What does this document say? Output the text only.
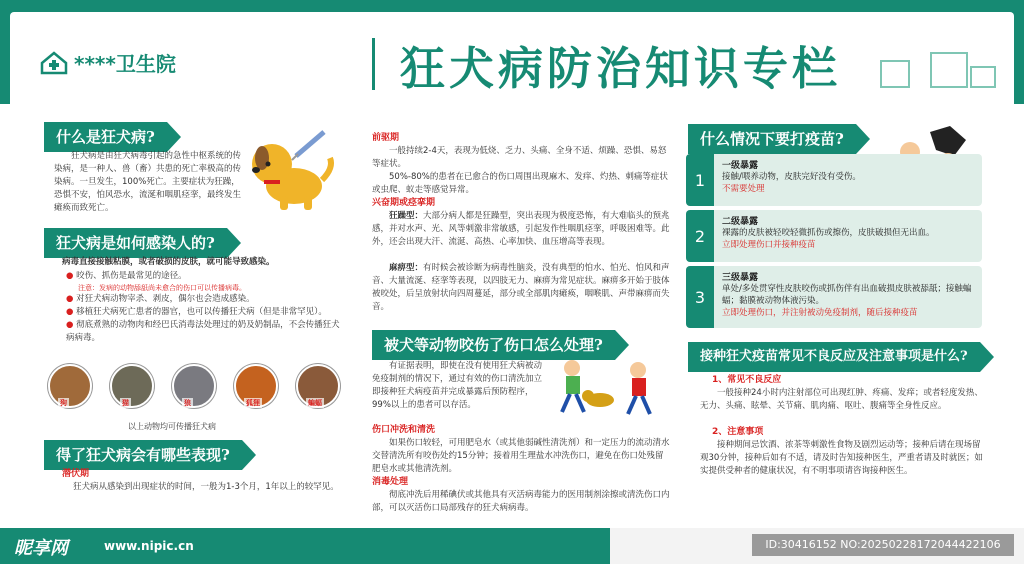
****卫生院	狂犬病防治知识专栏
什么是狂犬病?
狂犬病是由狂犬病毒引起的急性中枢系统的传染病，是一种人、兽（畜）共患的死亡率极高的传染病。一旦发生，100%死亡。主要症状为狂躁，恐惧不安，怕风恐水，流涎和咽肌痉挛，最终发生瘫痪而致死亡。
狂犬病是如何感染人的?
病毒直接接触粘膜，或者破损的皮肤，就可能导致感染。
● 咬伤、抓伤是最常见的途径。
注意：发病的动物舔舐尚未愈合的伤口可以传播病毒。
● 对狂犬病动物宰杀、剥皮，偶尔也会造成感染。
● 移植狂犬病死亡患者的器官，也可以传播狂犬病（但是非常罕见）。
● 彻底煮熟的动物肉和经巴氏消毒法处理过的奶及奶制品，不会传播狂犬病病毒。
狗	猫	狼	狐狸	蝙蝠
以上动物均可传播狂犬病
得了狂犬病会有哪些表现?
潜伏期
狂犬病从感染到出现症状的时间，一般为1-3个月，1年以上的较罕见。
前驱期
一般持续2-4天，表现为低烧、乏力、头痛、全身不适、烦躁、恐惧、易怒等症状。
50%-80%的患者在已愈合的伤口周围出现麻木、发痒、灼热、刺痛等症状或虫爬、蚁走等感觉异常。
兴奋期或痉挛期
狂躁型：大部分病人都是狂躁型，突出表现为极度恐怖，有大难临头的预兆感，并对水声、光、风等刺激非常敏感，引起发作性咽肌痉挛，呼吸困难等。此外，还会出现大汗、流涎、高热、心率加快、血压增高等表现。
麻痹型：有时候会被诊断为病毒性脑炎，没有典型的怕水、怕光、怕风和声音、大量流涎、痉挛等表现，以四肢无力、麻痹为常见症状。麻痹多开始于肢体被咬处，后呈放射状向四周蔓延，部分或全部肌肉瘫痪，咽喉肌、声带麻痹而失音。
被犬等动物咬伤了伤口怎么处理?
有证据表明，即使在没有使用狂犬病被动免疫制剂的情况下，通过有效的伤口清洗加立即接种狂犬病疫苗并完成暴露后预防程序，99%以上的患者可以存活。
伤口冲洗和清洗
如果伤口较轻，可用肥皂水（或其他弱碱性清洗剂）和一定压力的流动清水交替清洗所有咬伤处约15分钟；接着用生理盐水冲洗伤口，避免在伤口处残留肥皂水或其他清洗剂。
消毒处理
彻底冲洗后用稀碘伏或其他具有灭活病毒能力的医用制剂涂擦或清洗伤口内部，可以灭活伤口局部残存的狂犬病病毒。
什么情况下要打疫苗?
1
一级暴露
接触/喂养动物，皮肤完好没有受伤。
不需要处理
2
二级暴露
裸露的皮肤被轻咬轻微抓伤或擦伤，皮肤破损但无出血。
立即处理伤口并接种疫苗
3
三级暴露
单处/多处贯穿性皮肤咬伤或抓伤伴有出血破损皮肤被舔舐；接触蝙蝠；黏膜被动物体液污染。
立即处理伤口，并注射被动免疫制剂，随后接种疫苗
接种狂犬疫苗常见不良反应及注意事项是什么?
1、常见不良反应
一般接种24小时内注射部位可出现红肿、疼痛、发痒；或者轻度发热、无力、头痛、眩晕、关节痛、肌肉痛、呕吐、腹痛等全身性反应。
2、注意事项
接种期间忌饮酒、浓茶等刺激性食物及剧烈运动等；接种后请在现场留观30分钟，接种后如有不适，请及时告知接种医生，严重者请及时就医；如实提供受种者的健康状况，有不明事项请咨询接种医生。
昵享网	www.nipic.cn	ID:30416152 NO:20250228172044422106
